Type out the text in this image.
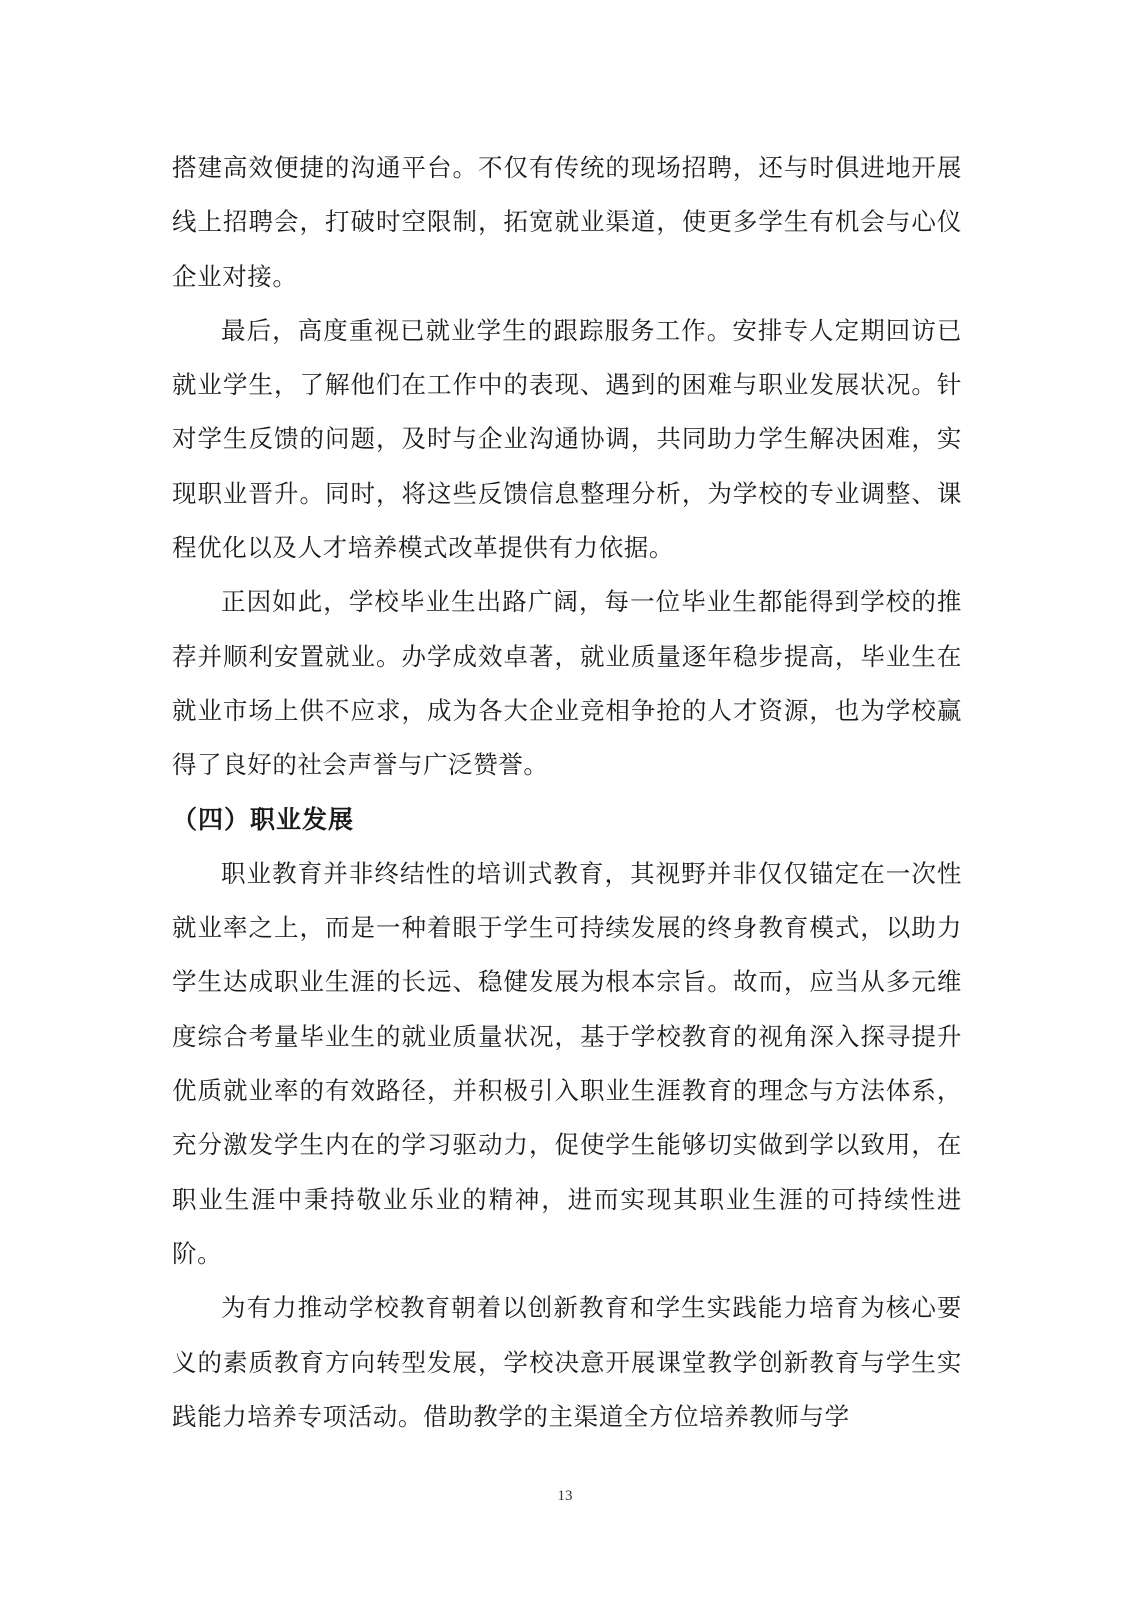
搭建高效便捷的沟通平台。不仅有传统的现场招聘，还与时俱进地开展线上招聘会，打破时空限制，拓宽就业渠道，使更多学生有机会与心仪企业对接。

最后，高度重视已就业学生的跟踪服务工作。安排专人定期回访已就业学生，了解他们在工作中的表现、遇到的困难与职业发展状况。针对学生反馈的问题，及时与企业沟通协调，共同助力学生解决困难，实现职业晋升。同时，将这些反馈信息整理分析，为学校的专业调整、课程优化以及人才培养模式改革提供有力依据。

正因如此，学校毕业生出路广阔，每一位毕业生都能得到学校的推荐并顺利安置就业。办学成效卓著，就业质量逐年稳步提高，毕业生在就业市场上供不应求，成为各大企业竞相争抢的人才资源，也为学校赢得了良好的社会声誉与广泛赞誉。

（四）职业发展

职业教育并非终结性的培训式教育，其视野并非仅仅锚定在一次性就业率之上，而是一种着眼于学生可持续发展的终身教育模式，以助力学生达成职业生涯的长远、稳健发展为根本宗旨。故而，应当从多元维度综合考量毕业生的就业质量状况，基于学校教育的视角深入探寻提升优质就业率的有效路径，并积极引入职业生涯教育的理念与方法体系，充分激发学生内在的学习驱动力，促使学生能够切实做到学以致用，在职业生涯中秉持敬业乐业的精神，进而实现其职业生涯的可持续性进阶。

为有力推动学校教育朝着以创新教育和学生实践能力培育为核心要义的素质教育方向转型发展，学校决意开展课堂教学创新教育与学生实践能力培养专项活动。借助教学的主渠道全方位培养教师与学

13
